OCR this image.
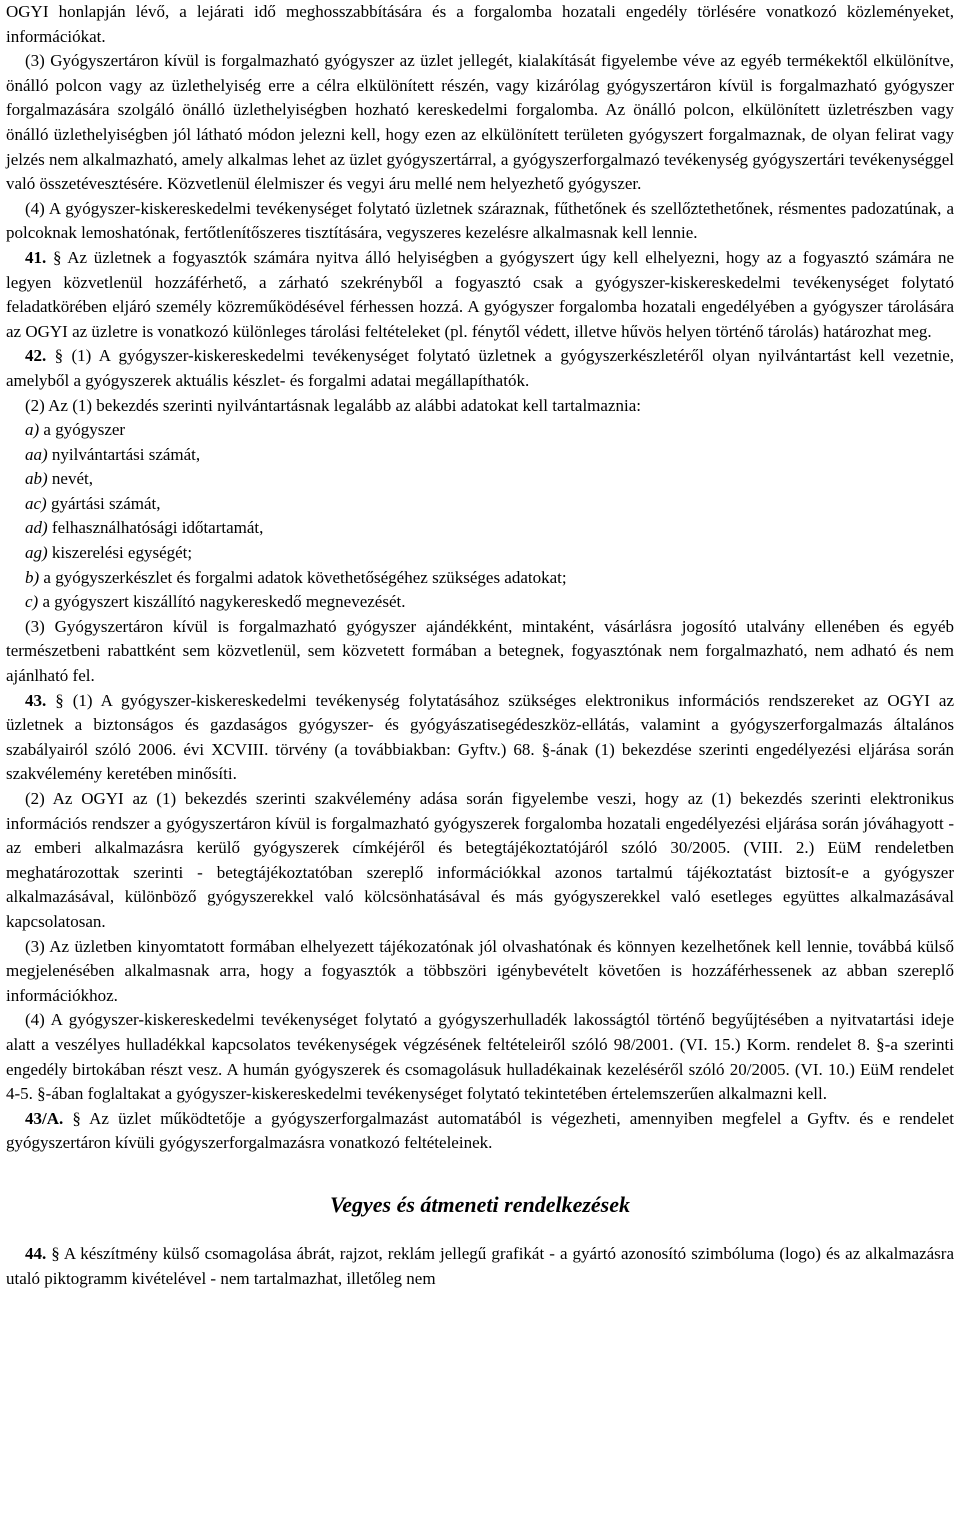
OGYI honlapján lévő, a lejárati idő meghosszabbítására és a forgalomba hozatali engedély törlésére vonatkozó közleményeket, információkat.

(3) Gyógyszertáron kívül is forgalmazható gyógyszer az üzlet jellegét, kialakítását figyelembe véve az egyéb termékektől elkülönítve, önálló polcon vagy az üzlethelyiség erre a célra elkülönített részén, vagy kizárólag gyógyszertáron kívül is forgalmazható gyógyszer forgalmazására szolgáló önálló üzlethelyiségben hozható kereskedelmi forgalomba. Az önálló polcon, elkülönített üzletrészben vagy önálló üzlethelyiségben jól látható módon jelezni kell, hogy ezen az elkülönített területen gyógyszert forgalmaznak, de olyan felirat vagy jelzés nem alkalmazható, amely alkalmas lehet az üzlet gyógyszertárral, a gyógyszerforgalmazó tevékenység gyógyszertári tevékenységgel való összetévesztésére. Közvetlenül élelmiszer és vegyi áru mellé nem helyezhető gyógyszer.

(4) A gyógyszer-kiskereskedelmi tevékenységet folytató üzletnek száraznak, fűthetőnek és szellőztethetőnek, résmentes padozatúnak, a polcoknak lemoshatónak, fertőtlenítőszeres tisztítására, vegyszeres kezelésre alkalmasnak kell lennie.

41. § Az üzletnek a fogyasztók számára nyitva álló helyiségben a gyógyszert úgy kell elhelyezni, hogy az a fogyasztó számára ne legyen közvetlenül hozzáférhető, a zárható szekrényből a fogyasztó csak a gyógyszer-kiskereskedelmi tevékenységet folytató feladatkörében eljáró személy közreműködésével férhessen hozzá. A gyógyszer forgalomba hozatali engedélyében a gyógyszer tárolására az OGYI az üzletre is vonatkozó különleges tárolási feltételeket (pl. fénytől védett, illetve hűvös helyen történő tárolás) határozhat meg.

42. § (1) A gyógyszer-kiskereskedelmi tevékenységet folytató üzletnek a gyógyszerkészletéről olyan nyilvántartást kell vezetnie, amelyből a gyógyszerek aktuális készlet- és forgalmi adatai megállapíthatók.

(2) Az (1) bekezdés szerinti nyilvántartásnak legalább az alábbi adatokat kell tartalmaznia:

a) a gyógyszer

aa) nyilvántartási számát,

ab) nevét,

ac) gyártási számát,

ad) felhasználhatósági időtartamát,

ag) kiszerelési egységét;

b) a gyógyszerkészlet és forgalmi adatok követhetőségéhez szükséges adatokat;

c) a gyógyszert kiszállító nagykereskedő megnevezését.

(3) Gyógyszertáron kívül is forgalmazható gyógyszer ajándékként, mintaként, vásárlásra jogosító utalvány ellenében és egyéb természetbeni rabattként sem közvetlenül, sem közvetett formában a betegnek, fogyasztónak nem forgalmazható, nem adható és nem ajánlható fel.

43. § (1) A gyógyszer-kiskereskedelmi tevékenység folytatásához szükséges elektronikus információs rendszereket az OGYI az üzletnek a biztonságos és gazdaságos gyógyszer- és gyógyászatisegédeszköz-ellátás, valamint a gyógyszerforgalmazás általános szabályairól szóló 2006. évi XCVIII. törvény (a továbbiakban: Gyftv.) 68. §-ának (1) bekezdése szerinti engedélyezési eljárása során szakvélemény keretében minősíti.

(2) Az OGYI az (1) bekezdés szerinti szakvélemény adása során figyelembe veszi, hogy az (1) bekezdés szerinti elektronikus információs rendszer a gyógyszertáron kívül is forgalmazható gyógyszerek forgalomba hozatali engedélyezési eljárása során jóváhagyott - az emberi alkalmazásra kerülő gyógyszerek címkéjéről és betegtájékoztatójáról szóló 30/2005. (VIII. 2.) EüM rendeletben meghatározottak szerinti - betegtájékoztatóban szereplő információkkal azonos tartalmú tájékoztatást biztosít-e a gyógyszer alkalmazásával, különböző gyógyszerekkel való kölcsönhatásával és más gyógyszerekkel való esetleges együttes alkalmazásával kapcsolatosan.

(3) Az üzletben kinyomtatott formában elhelyezett tájékozatónak jól olvashatónak és könnyen kezelhetőnek kell lennie, továbbá külső megjelenésében alkalmasnak arra, hogy a fogyasztók a többszöri igénybevételt követően is hozzáférhessenek az abban szereplő információkhoz.

(4) A gyógyszer-kiskereskedelmi tevékenységet folytató a gyógyszerhulladék lakosságtól történő begyűjtésében a nyitvatartási ideje alatt a veszélyes hulladékkal kapcsolatos tevékenységek végzésének feltételeiről szóló 98/2001. (VI. 15.) Korm. rendelet 8. §-a szerinti engedély birtokában részt vesz. A humán gyógyszerek és csomagolásuk hulladékainak kezeléséről szóló 20/2005. (VI. 10.) EüM rendelet 4-5. §-ában foglaltakat a gyógyszer-kiskereskedelmi tevékenységet folytató tekintetében értelemszerűen alkalmazni kell.

43/A. § Az üzlet működtetője a gyógyszerforgalmazást automatából is végezheti, amennyiben megfelel a Gyftv. és e rendelet gyógyszertáron kívüli gyógyszerforgalmazásra vonatkozó feltételeinek.

Vegyes és átmeneti rendelkezések

44. § A készítmény külső csomagolása ábrát, rajzot, reklám jellegű grafikát - a gyártó azonosító szimbóluma (logo) és az alkalmazásra utaló piktogramm kivételével - nem tartalmazhat, illetőleg nem
